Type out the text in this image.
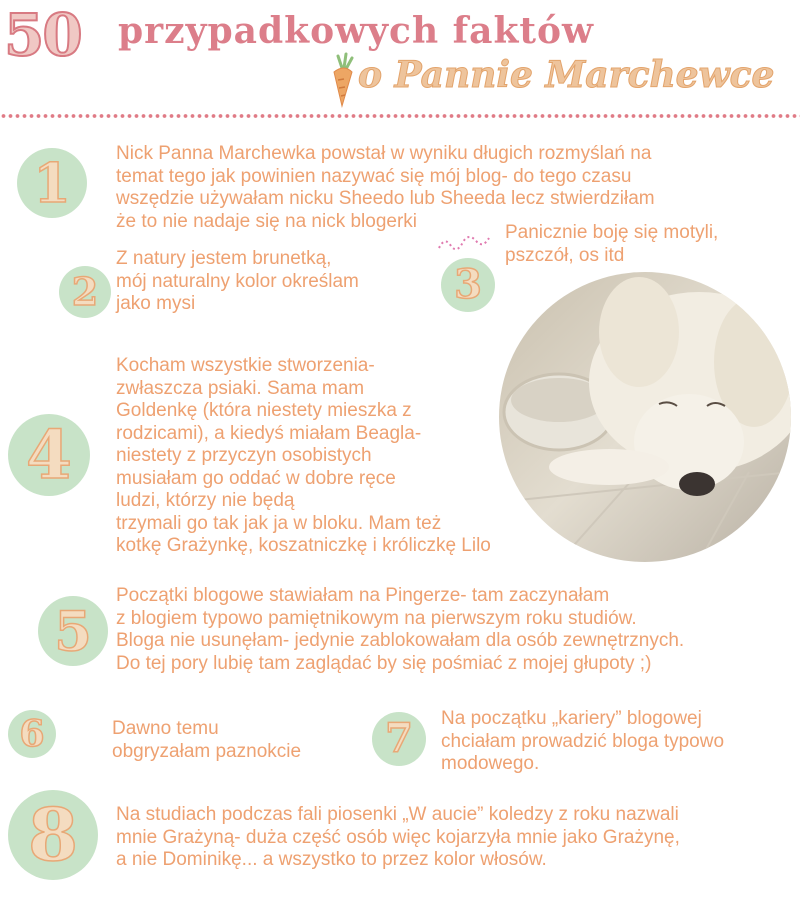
50 przypadkowych faktów
o Pannie Marchewce
1	Nick Panna Marchewka powstał w wyniku długich rozmyślań na
temat tego jak powinien nazywać się mój blog- do tego czasu
wszędzie używałam nicku Sheedo lub Sheeda lecz stwierdziłam
że to nie nadaje się na nick blogerki
2
Z natury jestem brunetką,
mój naturalny kolor określam
jako mysi	3
Panicznie boję się motyli,
pszczół, os itd
4
Kocham wszystkie stworzenia-
zwłaszcza psiaki. Sama mam
Goldenkę (która niestety mieszka z
rodzicami), a kiedyś miałam Beagla-
niestety z przyczyn osobistych
musiałam go oddać w dobre ręce
ludzi, którzy nie będą
trzymali go tak jak ja w bloku. Mam też
kotkę Grażynkę, koszatniczkę i króliczkę Lilo
5
Początki blogowe stawiałam na Pingerze- tam zaczynałam
z blogiem typowo pamiętnikowym na pierwszym roku studiów.
Bloga nie usunęłam- jedynie zablokowałam dla osób zewnętrznych.
Do tej pory lubię tam zaglądać by się pośmiać z mojej głupoty ;)
6	Dawno temu
obgryzałam paznokcie	7	Na początku „kariery” blogowej
chciałam prowadzić bloga typowo
modowego.
8	Na studiach podczas fali piosenki „W aucie” koledzy z roku nazwali
mnie Grażyną- duża część osób więc kojarzyła mnie jako Grażynę,
a nie Dominikę... a wszystko to przez kolor włosów.
